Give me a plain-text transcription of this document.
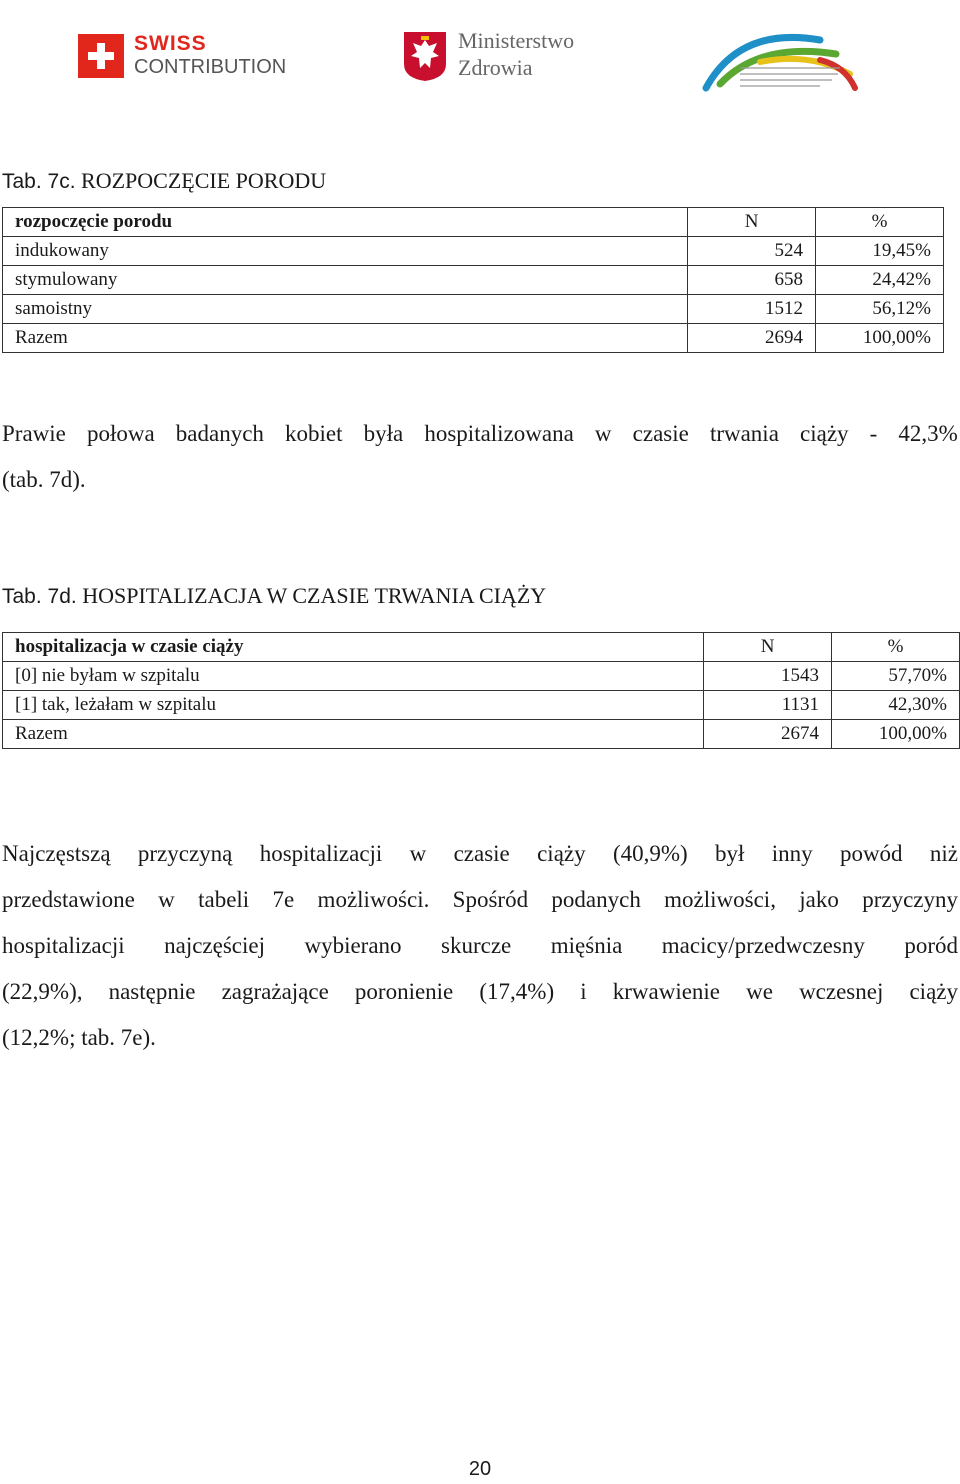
SWISS
CONTRIBUTION
Ministerstwo
Zdrowia
Tab. 7c. ROZPOCZĘCIE PORODU
rozpoczęcie porodu	N	%
indukowany	524	19,45%
stymulowany	658	24,42%
samoistny	1512	56,12%
Razem	2694	100,00%
Prawie połowa badanych kobiet była hospitalizowana w czasie trwania ciąży - 42,3%
(tab. 7d).
Tab. 7d. HOSPITALIZACJA W CZASIE TRWANIA CIĄŻY
hospitalizacja w czasie ciąży	N	%
[0] nie byłam w szpitalu	1543	57,70%
[1] tak, leżałam w szpitalu	1131	42,30%
Razem	2674	100,00%
Najczęstszą przyczyną hospitalizacji w czasie ciąży (40,9%) był inny powód niż
przedstawione w tabeli 7e możliwości. Spośród podanych możliwości, jako przyczyny
hospitalizacji najczęściej wybierano skurcze mięśnia macicy/przedwczesny poród
(22,9%), następnie zagrażające poronienie (17,4%) i krwawienie we wczesnej ciąży
(12,2%; tab. 7e).
20
